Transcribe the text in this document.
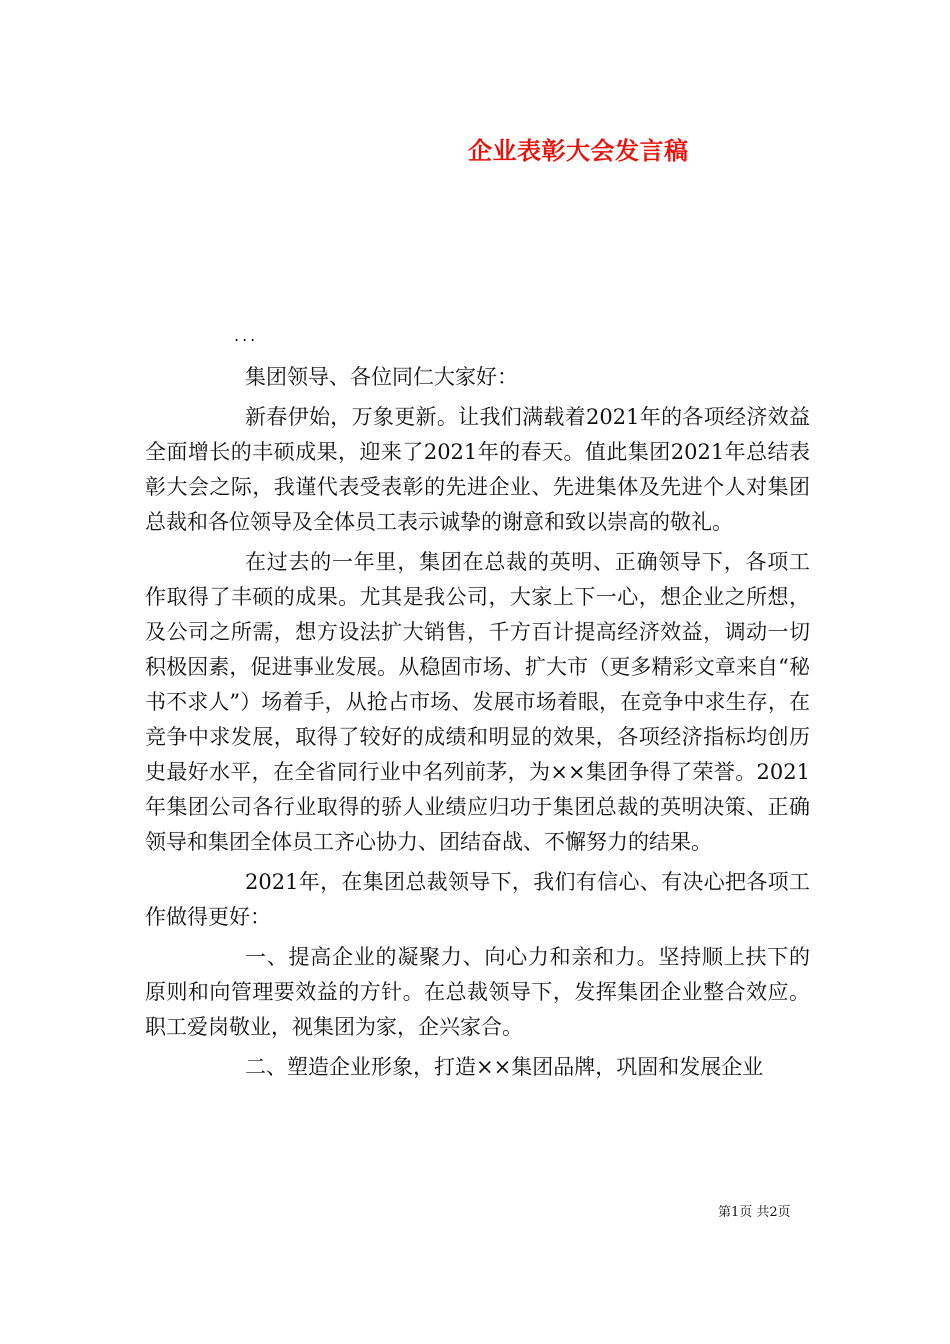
企业表彰大会发言稿
...

集团领导、各位同仁大家好：

新春伊始，万象更新。让我们满载着2021年的各项经济效益全面增长的丰硕成果，迎来了2021年的春天。值此集团2021年总结表彰大会之际，我谨代表受表彰的先进企业、先进集体及先进个人对集团总裁和各位领导及全体员工表示诚挚的谢意和致以崇高的敬礼。

在过去的一年里，集团在总裁的英明、正确领导下，各项工作取得了丰硕的成果。尤其是我公司，大家上下一心，想企业之所想，及公司之所需，想方设法扩大销售，千方百计提高经济效益，调动一切积极因素，促进事业发展。从稳固市场、扩大市（更多精彩文章来自“秘书不求人”）场着手，从抢占市场、发展市场着眼，在竞争中求生存，在竞争中求发展，取得了较好的成绩和明显的效果，各项经济指标均创历史最好水平，在全省同行业中名列前茅，为××集团争得了荣誉。2021年集团公司各行业取得的骄人业绩应归功于集团总裁的英明决策、正确领导和集团全体员工齐心协力、团结奋战、不懈努力的结果。

2021年，在集团总裁领导下，我们有信心、有决心把各项工作做得更好：

一、提高企业的凝聚力、向心力和亲和力。坚持顺上扶下的原则和向管理要效益的方针。在总裁领导下，发挥集团企业整合效应。职工爱岗敬业，视集团为家，企兴家合。

二、塑造企业形象，打造××集团品牌，巩固和发展企业

第1页 共2页
